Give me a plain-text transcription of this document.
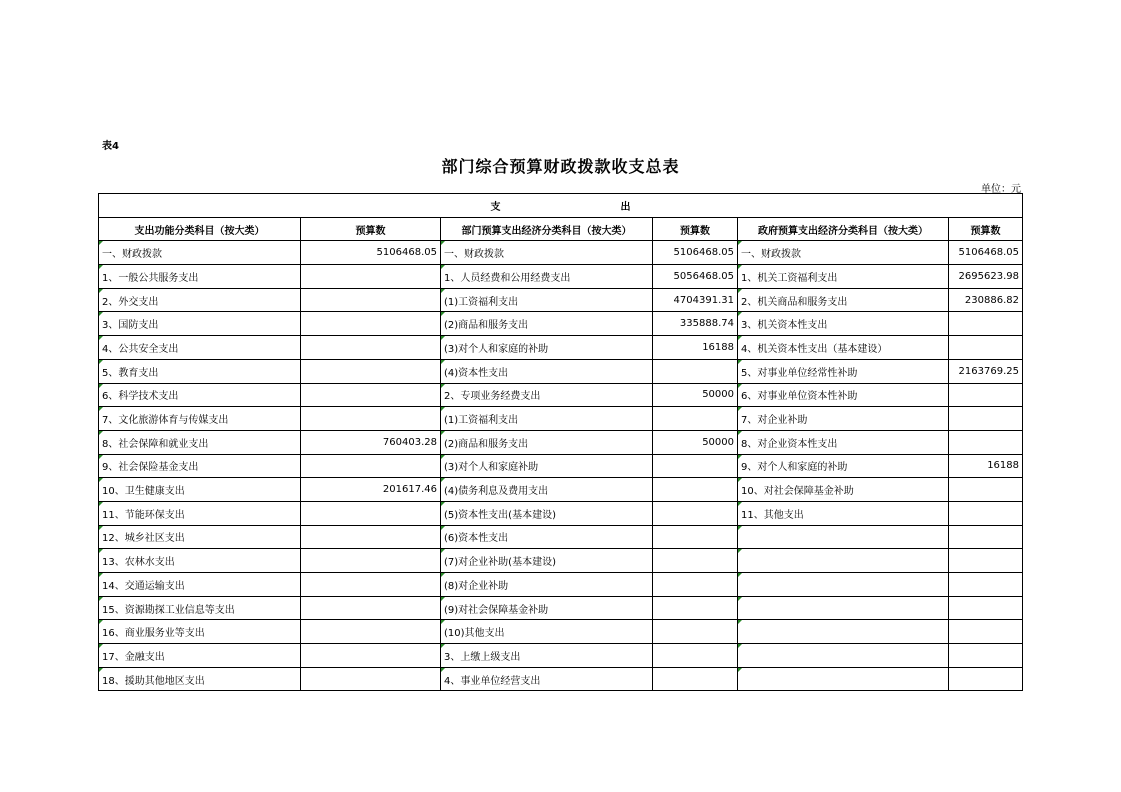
表4
部门综合预算财政拨款收支总表
单位：元
支 出					
支出功能分类科目（按大类）	预算数	部门预算支出经济分类科目（按大类）	预算数	政府预算支出经济分类科目（按大类）	预算数
一、财政拨款	5106468.05	一、财政拨款	5106468.05	一、财政拨款	5106468.05
1、一般公共服务支出		1、人员经费和公用经费支出	5056468.05	1、机关工资福利支出	2695623.98
2、外交支出		(1)工资福利支出	4704391.31	2、机关商品和服务支出	230886.82
3、国防支出		(2)商品和服务支出	335888.74	3、机关资本性支出	
4、公共安全支出		(3)对个人和家庭的补助	16188	4、机关资本性支出（基本建设）	
5、教育支出		(4)资本性支出		5、对事业单位经常性补助	2163769.25
6、科学技术支出		2、专项业务经费支出	50000	6、对事业单位资本性补助	
7、文化旅游体育与传媒支出		(1)工资福利支出		7、对企业补助	
8、社会保障和就业支出	760403.28	(2)商品和服务支出	50000	8、对企业资本性支出	
9、社会保险基金支出		(3)对个人和家庭补助		9、对个人和家庭的补助	16188
10、卫生健康支出	201617.46	(4)债务利息及费用支出		10、对社会保障基金补助	
11、节能环保支出		(5)资本性支出(基本建设)		11、其他支出	
12、城乡社区支出		(6)资本性支出			
13、农林水支出		(7)对企业补助(基本建设)			
14、交通运输支出		(8)对企业补助			
15、资源勘探工业信息等支出		(9)对社会保障基金补助			
16、商业服务业等支出		(10)其他支出			
17、金融支出		3、上缴上级支出			
18、援助其他地区支出		4、事业单位经营支出			
